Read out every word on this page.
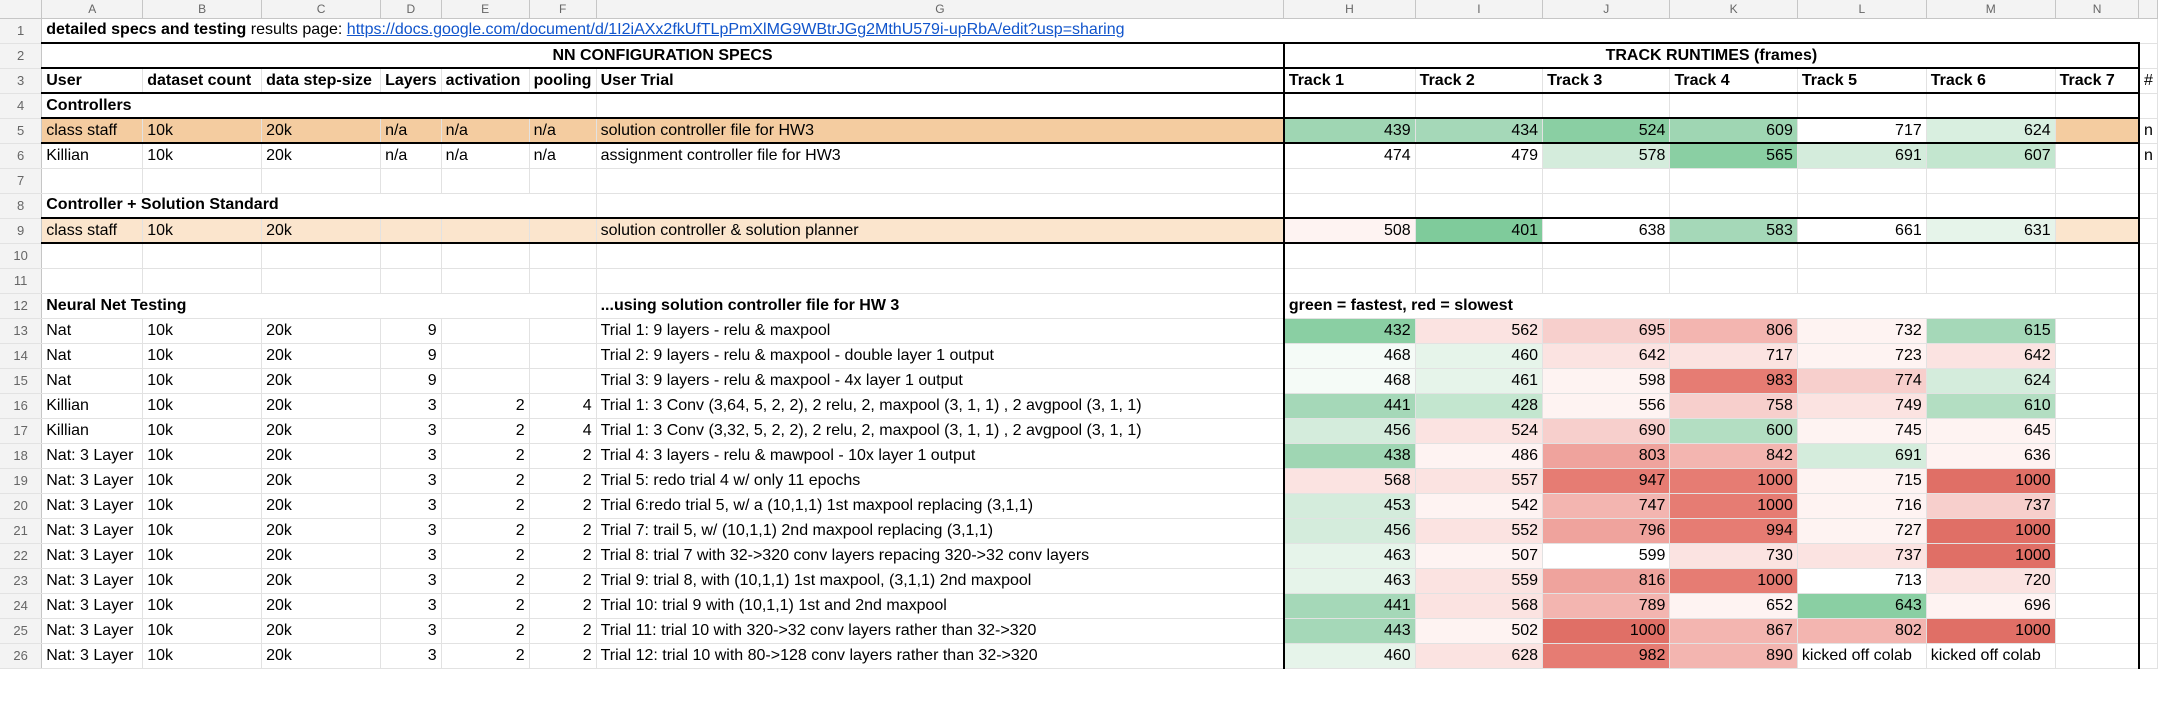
	A	B	C	D	E	F	G	H	I	J	K	L	M	N	
1	detailed specs and testing results page: https://docs.google.com/document/d/1I2iAXx2fkUfTLpPmXlMG9WBtrJGg2MthU579i-upRbA/edit?usp=sharing														
2	NN CONFIGURATION SPECS							TRACK RUNTIMES (frames)							
3	User	dataset count	data step-size	Layers	activation	pooling	User Trial	Track 1	Track 2	Track 3	Track 4	Track 5	Track 6	Track 7	#
4	Controllers														
5	class staff	10k	20k	n/a	n/a	n/a	solution controller file for HW3	439	434	524	609	717	624		n
6	Killian	10k	20k	n/a	n/a	n/a	assignment controller file for HW3	474	479	578	565	691	607		n
7															
8	Controller + Solution Standard														
9	class staff	10k	20k				solution controller & solution planner	508	401	638	583	661	631		
10															
11															
12	Neural Net Testing						...using solution controller file for HW 3	green = fastest, red = slowest							
13	Nat	10k	20k	9			Trial 1: 9 layers - relu & maxpool	432	562	695	806	732	615		
14	Nat	10k	20k	9			Trial 2: 9 layers - relu & maxpool - double layer 1 output	468	460	642	717	723	642		
15	Nat	10k	20k	9			Trial 3: 9 layers - relu & maxpool - 4x layer 1 output	468	461	598	983	774	624		
16	Killian	10k	20k	3	2	4	Trial 1: 3 Conv (3,64, 5, 2, 2), 2 relu, 2, maxpool (3, 1, 1) , 2 avgpool (3, 1, 1)	441	428	556	758	749	610		
17	Killian	10k	20k	3	2	4	Trial 1: 3 Conv (3,32, 5, 2, 2), 2 relu, 2, maxpool (3, 1, 1) , 2 avgpool (3, 1, 1)	456	524	690	600	745	645		
18	Nat: 3 Layer	10k	20k	3	2	2	Trial 4: 3 layers - relu & mawpool - 10x layer 1 output	438	486	803	842	691	636		
19	Nat: 3 Layer	10k	20k	3	2	2	Trial 5: redo trial 4 w/ only 11 epochs	568	557	947	1000	715	1000		
20	Nat: 3 Layer	10k	20k	3	2	2	Trial 6:redo trial 5, w/ a (10,1,1) 1st maxpool replacing (3,1,1)	453	542	747	1000	716	737		
21	Nat: 3 Layer	10k	20k	3	2	2	Trial 7: trail 5, w/ (10,1,1) 2nd maxpool replacing (3,1,1)	456	552	796	994	727	1000		
22	Nat: 3 Layer	10k	20k	3	2	2	Trial 8: trial 7 with 32->320 conv layers repacing 320->32 conv layers	463	507	599	730	737	1000		
23	Nat: 3 Layer	10k	20k	3	2	2	Trial 9: trial 8, with (10,1,1) 1st maxpool, (3,1,1) 2nd maxpool	463	559	816	1000	713	720		
24	Nat: 3 Layer	10k	20k	3	2	2	Trial 10: trial 9 with (10,1,1) 1st and 2nd maxpool	441	568	789	652	643	696		
25	Nat: 3 Layer	10k	20k	3	2	2	Trial 11: trial 10 with 320->32 conv layers rather than 32->320	443	502	1000	867	802	1000		
26	Nat: 3 Layer	10k	20k	3	2	2	Trial 12: trial 10 with 80->128 conv layers rather than 32->320	460	628	982	890	kicked off colab	kicked off colab		
